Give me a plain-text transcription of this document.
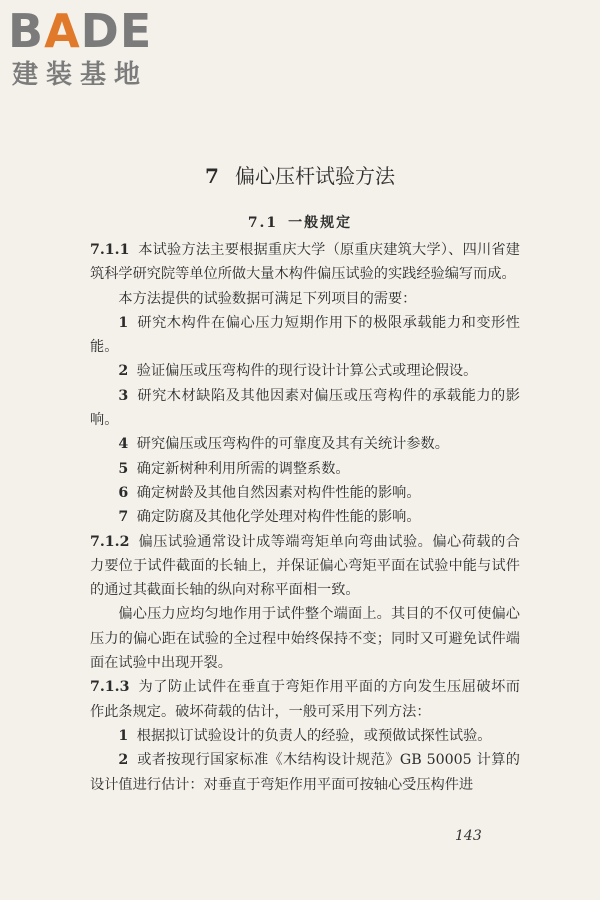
BADE
建装基地
7 偏心压杆试验方法
7.1 一般规定

7.1.1 本试验方法主要根据重庆大学（原重庆建筑大学）、四川省建筑科学研究院等单位所做大量木构件偏压试验的实践经验编写而成。

本方法提供的试验数据可满足下列项目的需要：

1 研究木构件在偏心压力短期作用下的极限承载能力和变形性能。

2 验证偏压或压弯构件的现行设计计算公式或理论假设。

3 研究木材缺陷及其他因素对偏压或压弯构件的承载能力的影响。

4 研究偏压或压弯构件的可靠度及其有关统计参数。

5 确定新树种利用所需的调整系数。

6 确定树龄及其他自然因素对构件性能的影响。

7 确定防腐及其他化学处理对构件性能的影响。

7.1.2 偏压试验通常设计成等端弯矩单向弯曲试验。偏心荷载的合力要位于试件截面的长轴上，并保证偏心弯矩平面在试验中能与试件的通过其截面长轴的纵向对称平面相一致。

偏心压力应均匀地作用于试件整个端面上。其目的不仅可使偏心压力的偏心距在试验的全过程中始终保持不变；同时又可避免试件端面在试验中出现开裂。

7.1.3 为了防止试件在垂直于弯矩作用平面的方向发生压屈破坏而作此条规定。破坏荷载的估计，一般可采用下列方法：

1 根据拟订试验设计的负责人的经验，或预做试探性试验。

2 或者按现行国家标准《木结构设计规范》GB 50005 计算的设计值进行估计：对垂直于弯矩作用平面可按轴心受压构件进

143
